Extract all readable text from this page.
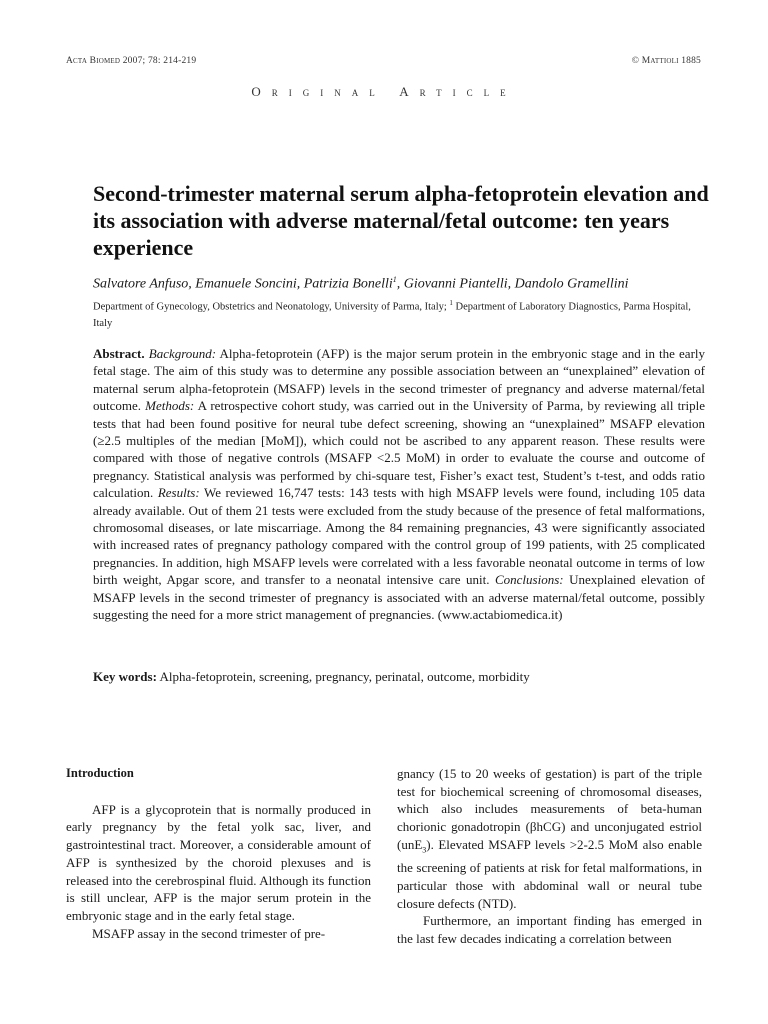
Acta Biomed 2007; 78: 214-219	© Mattioli 1885
Original Article
Second-trimester maternal serum alpha-fetoprotein elevation and its association with adverse maternal/fetal outcome: ten years experience
Salvatore Anfuso, Emanuele Soncini, Patrizia Bonelli$^1$, Giovanni Piantelli, Dandolo Gramellini
Department of Gynecology, Obstetrics and Neonatology, University of Parma, Italy; $^1$ Department of Laboratory Diagnostics, Parma Hospital, Italy
Abstract. Background: Alpha-fetoprotein (AFP) is the major serum protein in the embryonic stage and in the early fetal stage. The aim of this study was to determine any possible association between an “unexplained” elevation of maternal serum alpha-fetoprotein (MSAFP) levels in the second trimester of pregnancy and adverse maternal/fetal outcome. Methods: A retrospective cohort study, was carried out in the University of Parma, by reviewing all triple tests that had been found positive for neural tube defect screening, showing an “unexplained” MSAFP elevation (≥2.5 multiples of the median [MoM]), which could not be ascribed to any apparent reason. These results were compared with those of negative controls (MSAFP <2.5 MoM) in order to evaluate the course and outcome of pregnancy. Statistical analysis was performed by chi-square test, Fisher’s exact test, Student’s t-test, and odds ratio calculation. Results: We reviewed 16,747 tests: 143 tests with high MSAFP levels were found, including 105 data already available. Out of them 21 tests were excluded from the study because of the presence of fetal malformations, chromosomal diseases, or late miscarriage. Among the 84 remaining pregnancies, 43 were significantly associated with increased rates of pregnancy pathology compared with the control group of 199 patients, with 25 complicated pregnancies. In addition, high MSAFP levels were correlated with a less favorable neonatal outcome in terms of low birth weight, Apgar score, and transfer to a neonatal intensive care unit. Conclusions: Unexplained elevation of MSAFP levels in the second trimester of pregnancy is associated with an adverse maternal/fetal outcome, possibly suggesting the need for a more strict management of pregnancies. (www.actabiomedica.it)
Key words: Alpha-fetoprotein, screening, pregnancy, perinatal, outcome, morbidity

Introduction

AFP is a glycoprotein that is normally produced in early pregnancy by the fetal yolk sac, liver, and gastrointestinal tract. Moreover, a considerable amount of AFP is synthesized by the choroid plexuses and is released into the cerebrospinal fluid. Although its function is still unclear, AFP is the major serum protein in the embryonic stage and in the early fetal stage.

MSAFP assay in the second trimester of pre-

gnancy (15 to 20 weeks of gestation) is part of the triple test for biochemical screening of chromosomal diseases, which also includes measurements of beta-human chorionic gonadotropin (βhCG) and unconjugated estriol (unE$_3$). Elevated MSAFP levels >2-2.5 MoM also enable the screening of patients at risk for fetal malformations, in particular those with abdominal wall or neural tube closure defects (NTD).

Furthermore, an important finding has emerged in the last few decades indicating a correlation between
